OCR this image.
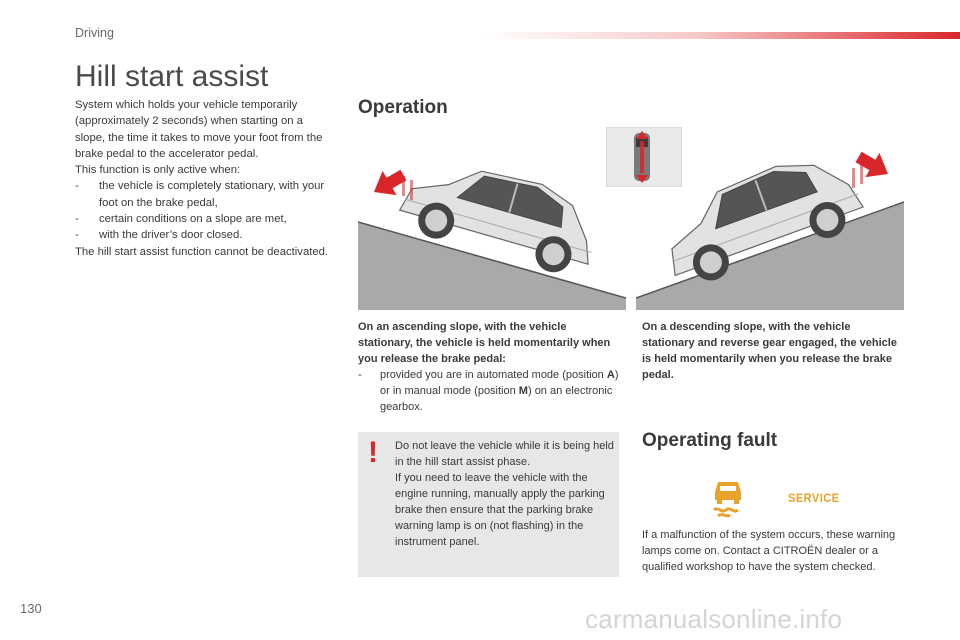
Driving
Hill start assist

System which holds your vehicle temporarily (approximately 2 seconds) when starting on a slope, the time it takes to move your foot from the brake pedal to the accelerator pedal.

This function is only active when:

- the vehicle is completely stationary, with your foot on the brake pedal,

- certain conditions on a slope are met,

- with the driver’s door closed.

The hill start assist function cannot be deactivated.

Operation

On an ascending slope, with the vehicle stationary, the vehicle is held momentarily when you release the brake pedal:

- provided you are in automated mode (position A) or in manual mode (position M) on an electronic gearbox.

On a descending slope, with the vehicle stationary and reverse gear engaged, the vehicle is held momentarily when you release the brake pedal.

! Do not leave the vehicle while it is being held in the hill start assist phase.
If you need to leave the vehicle with the engine running, manually apply the parking brake then ensure that the parking brake warning lamp is on (not flashing) in the instrument panel.
Operating fault
SERVICE

If a malfunction of the system occurs, these warning lamps come on. Contact a CITROËN dealer or a qualified workshop to have the system checked.

130	carmanualsonline.info
